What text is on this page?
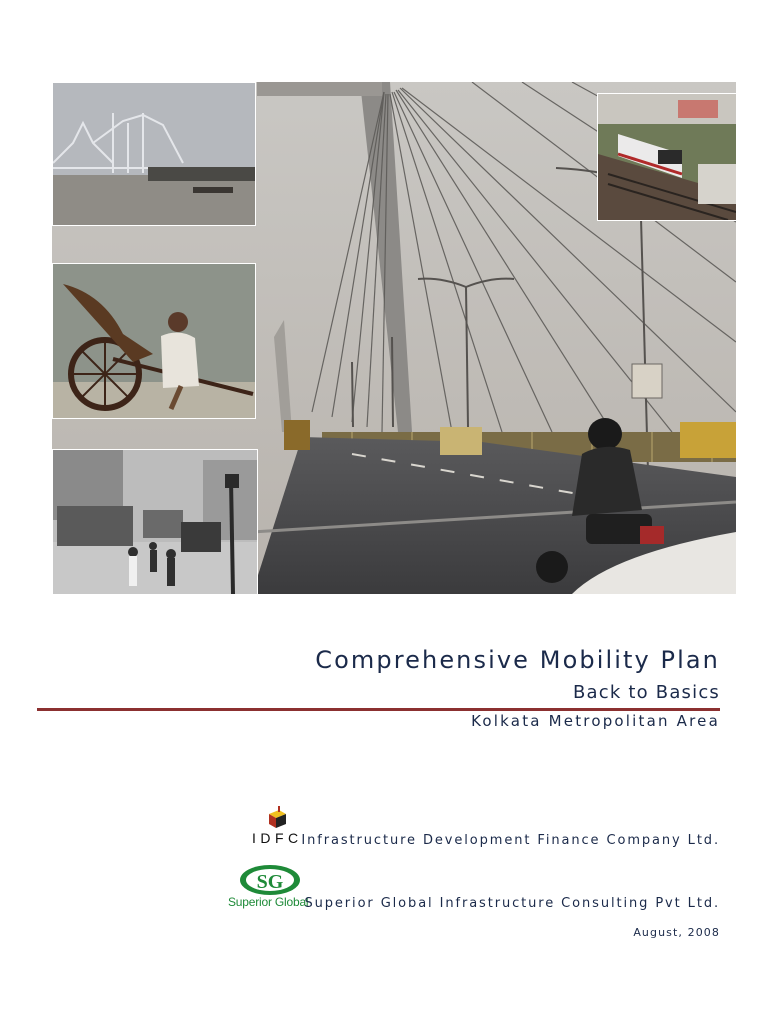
Comprehensive Mobility Plan
Back to Basics
Kolkata Metropolitan Area
IDFC
Infrastructure Development Finance Company Ltd.
SG
Superior Global
Superior Global Infrastructure Consulting Pvt Ltd.
August, 2008
